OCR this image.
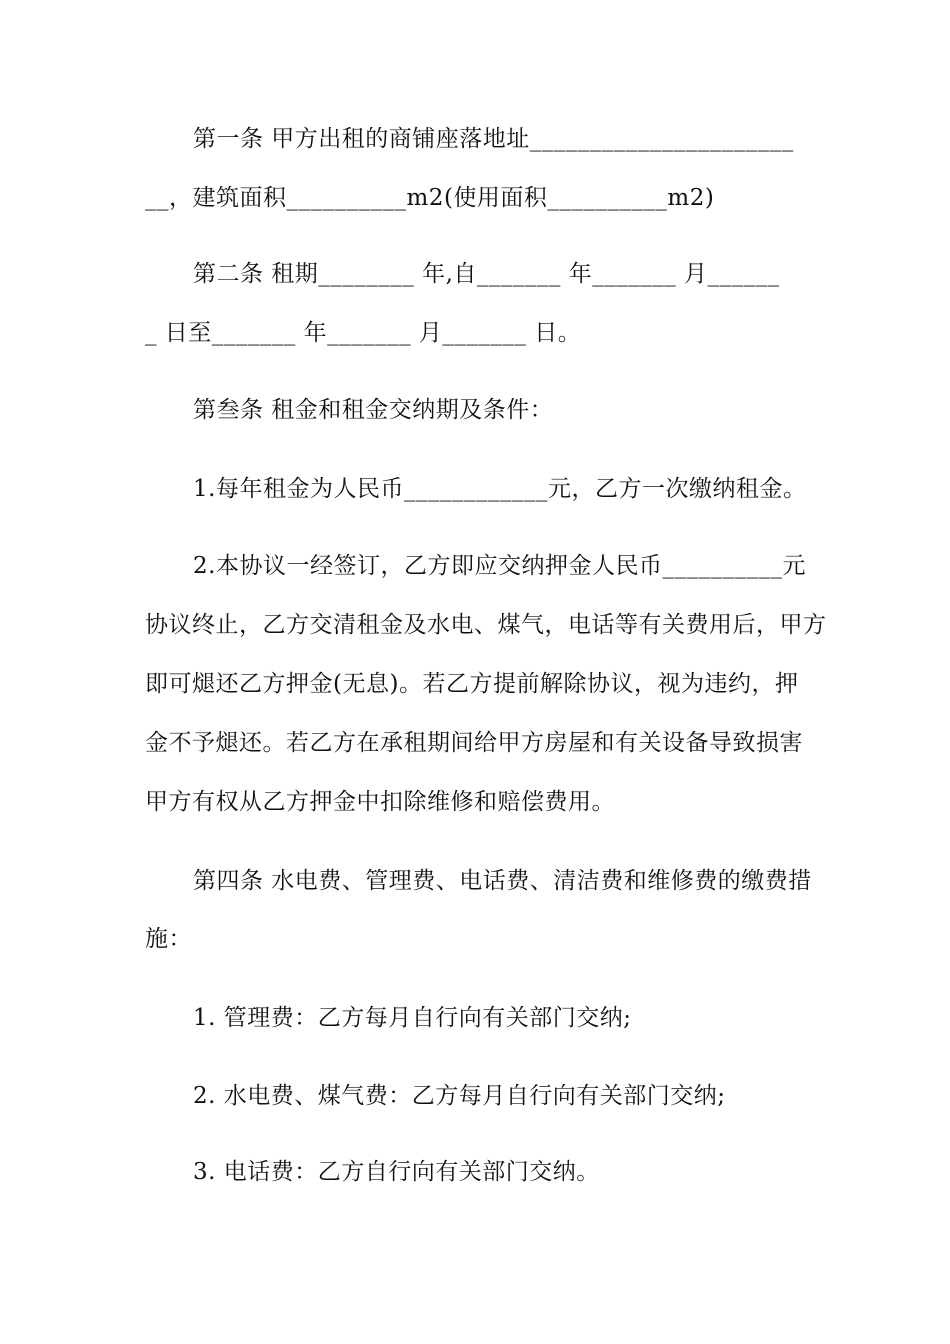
第一条 甲方出租的商铺座落地址______________________
__，建筑面积__________m2(使用面积__________m2)
第二条 租期________ 年,自_______ 年_______ 月______
_ 日至_______ 年_______ 月_______ 日。
第叁条 租金和租金交纳期及条件：
1.每年租金为人民币____________元，乙方一次缴纳租金。
2.本协议一经签订，乙方即应交纳押金人民币__________元
协议终止，乙方交清租金及水电、煤气，电话等有关费用后，甲方
即可煺还乙方押金(无息)。若乙方提前解除协议，视为违约，押
金不予煺还。若乙方在承租期间给甲方房屋和有关设备导致损害
甲方有权从乙方押金中扣除维修和赔偿费用。
第四条 水电费、管理费、电话费、清洁费和维修费的缴费措
施：
1. 管理费：乙方每月自行向有关部门交纳;
2. 水电费、煤气费：乙方每月自行向有关部门交纳;
3. 电话费：乙方自行向有关部门交纳。
